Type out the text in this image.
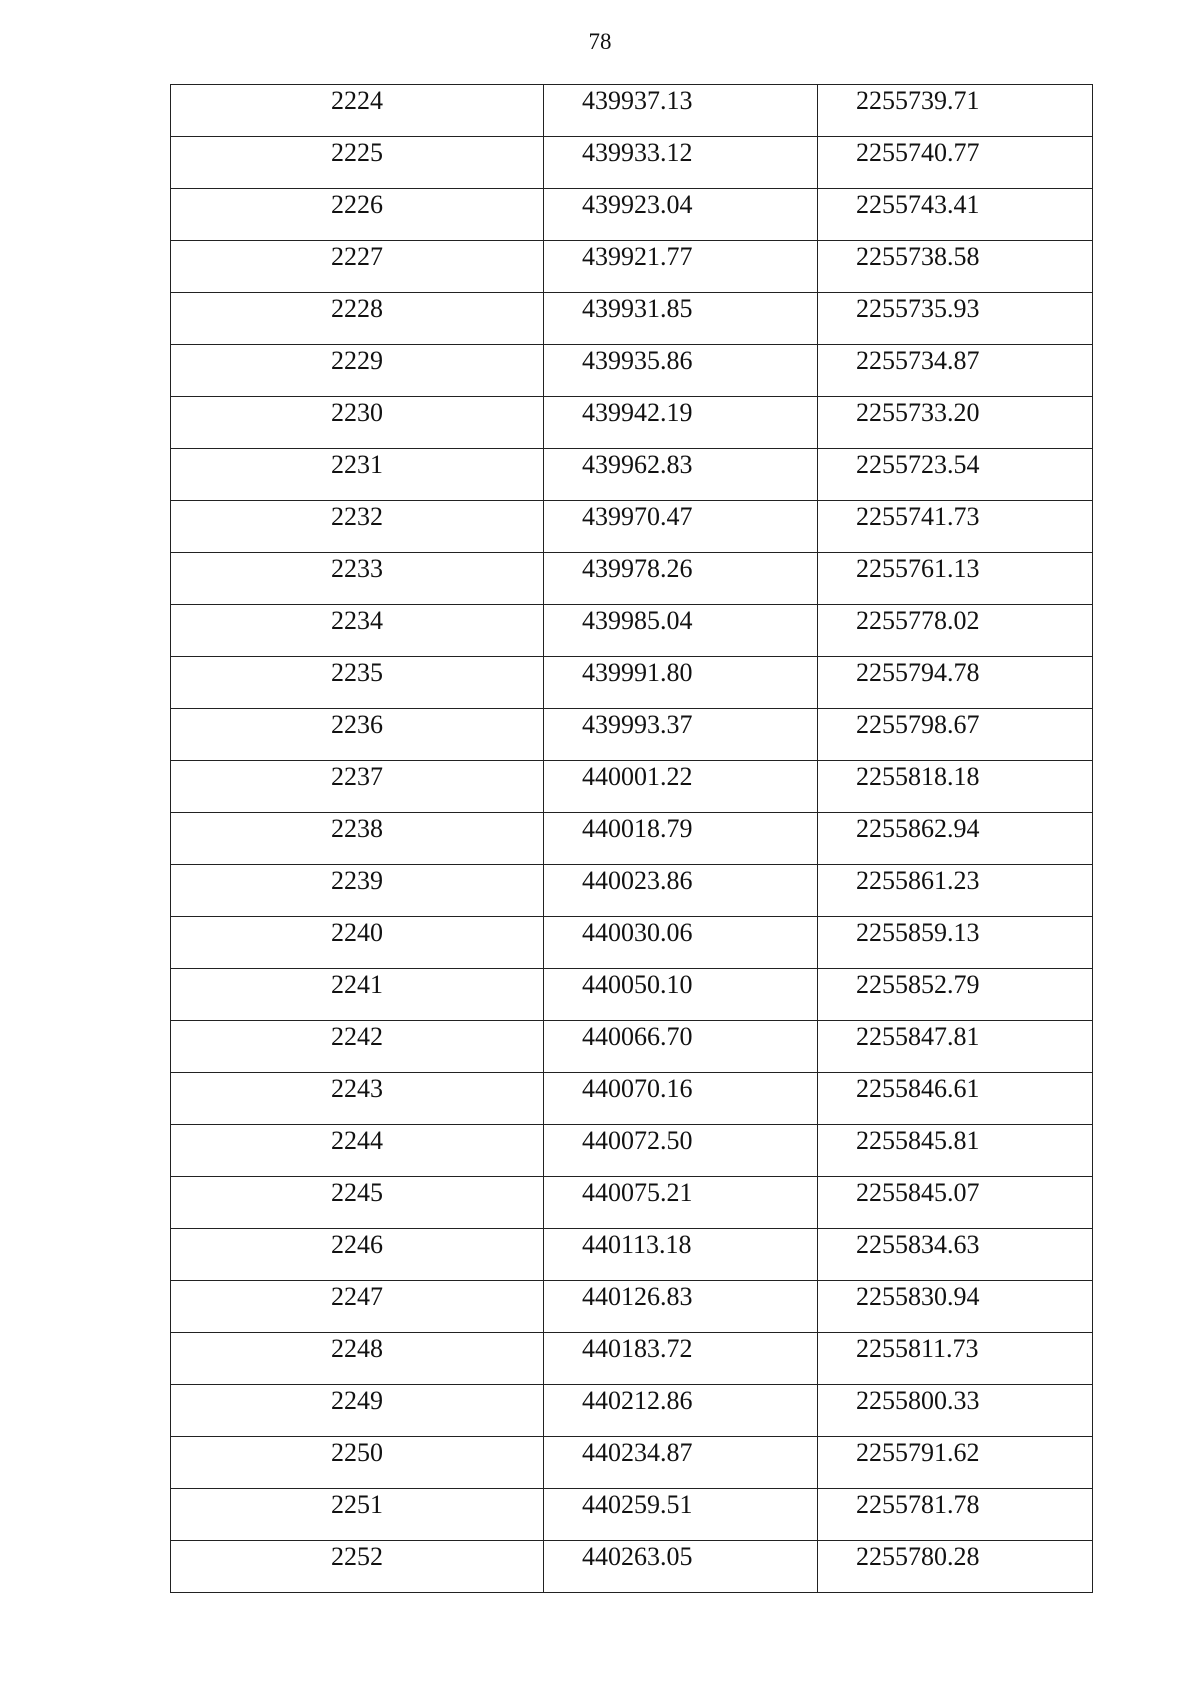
78
2224	439937.13	2255739.71
2225	439933.12	2255740.77
2226	439923.04	2255743.41
2227	439921.77	2255738.58
2228	439931.85	2255735.93
2229	439935.86	2255734.87
2230	439942.19	2255733.20
2231	439962.83	2255723.54
2232	439970.47	2255741.73
2233	439978.26	2255761.13
2234	439985.04	2255778.02
2235	439991.80	2255794.78
2236	439993.37	2255798.67
2237	440001.22	2255818.18
2238	440018.79	2255862.94
2239	440023.86	2255861.23
2240	440030.06	2255859.13
2241	440050.10	2255852.79
2242	440066.70	2255847.81
2243	440070.16	2255846.61
2244	440072.50	2255845.81
2245	440075.21	2255845.07
2246	440113.18	2255834.63
2247	440126.83	2255830.94
2248	440183.72	2255811.73
2249	440212.86	2255800.33
2250	440234.87	2255791.62
2251	440259.51	2255781.78
2252	440263.05	2255780.28
